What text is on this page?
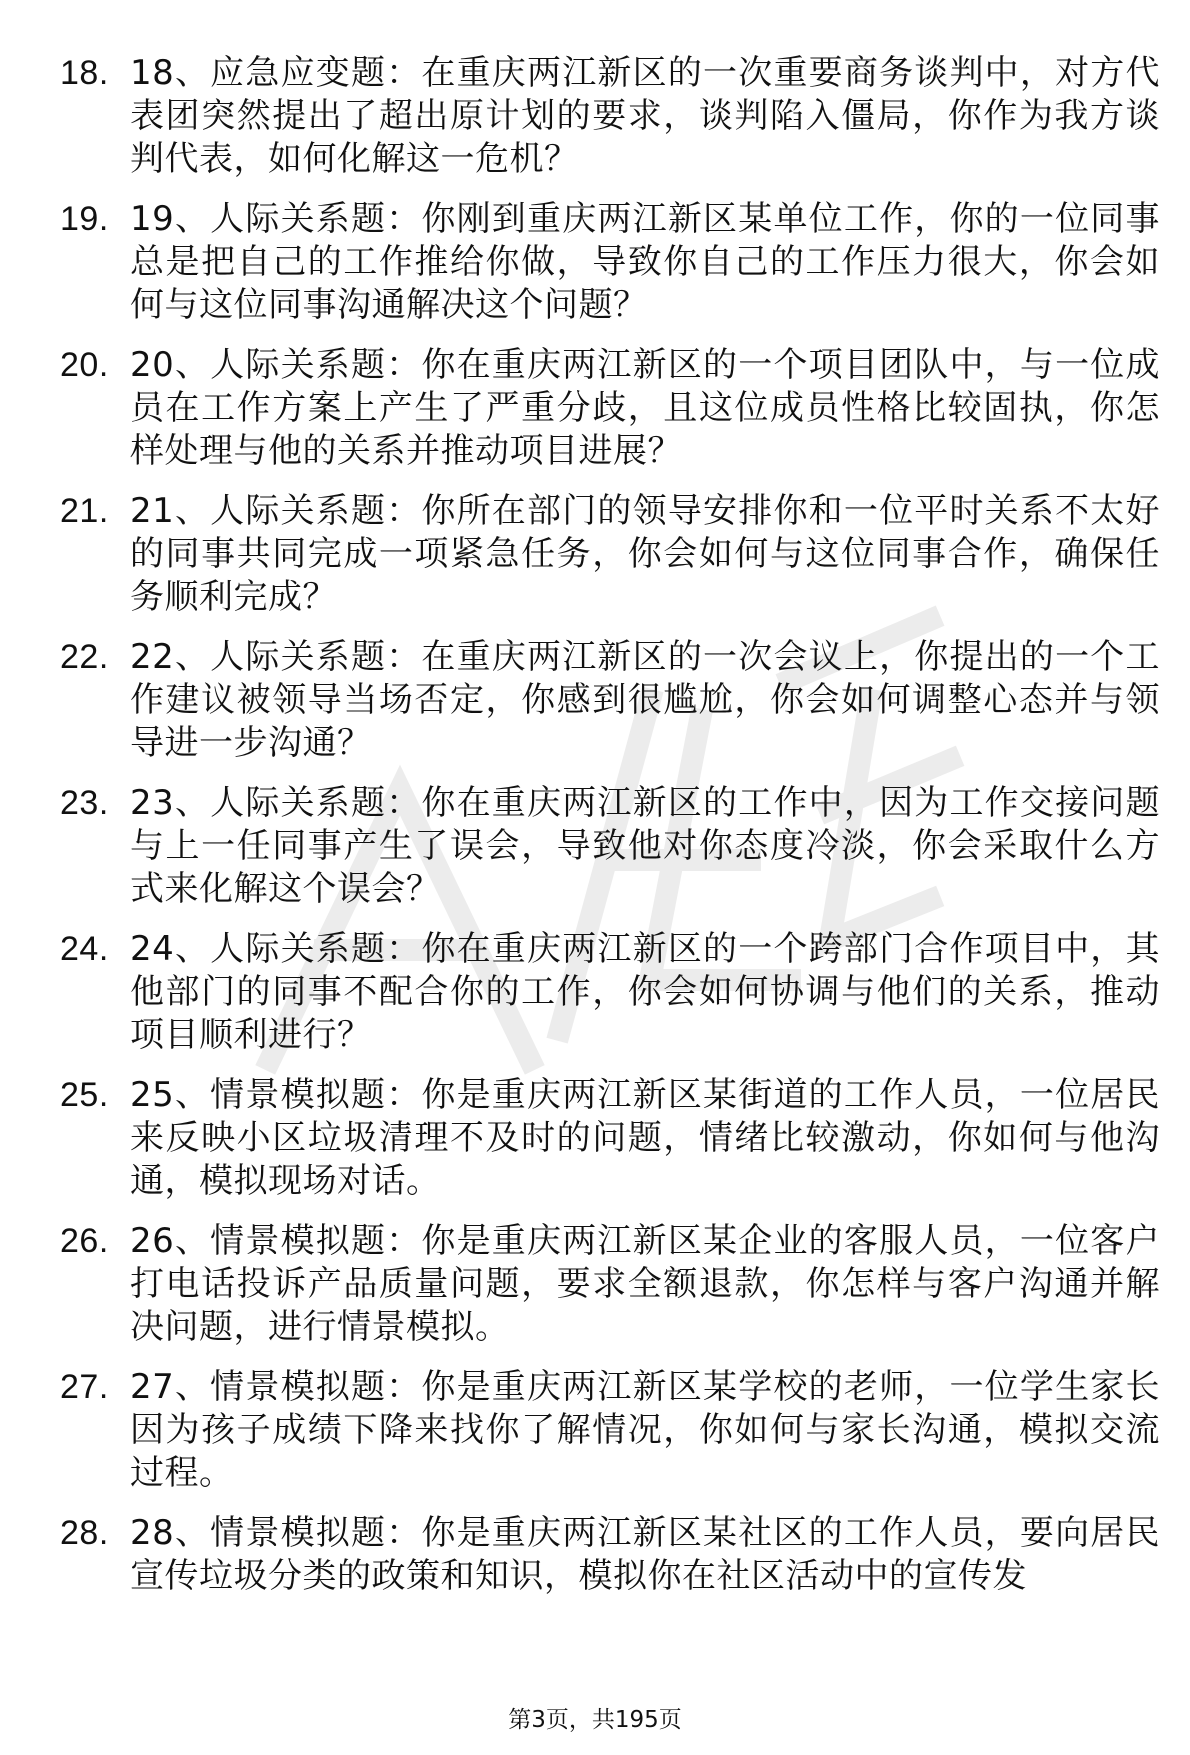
18. 18、应急应变题：在重庆两江新区的一次重要商务谈判中，对方代表团突然提出了超出原计划的要求，谈判陷入僵局，你作为我方谈判代表，如何化解这一危机？
19. 19、人际关系题：你刚到重庆两江新区某单位工作，你的一位同事总是把自己的工作推给你做，导致你自己的工作压力很大，你会如何与这位同事沟通解决这个问题？
20. 20、人际关系题：你在重庆两江新区的一个项目团队中，与一位成员在工作方案上产生了严重分歧，且这位成员性格比较固执，你怎样处理与他的关系并推动项目进展？
21. 21、人际关系题：你所在部门的领导安排你和一位平时关系不太好的同事共同完成一项紧急任务，你会如何与这位同事合作，确保任务顺利完成？
22. 22、人际关系题：在重庆两江新区的一次会议上，你提出的一个工作建议被领导当场否定，你感到很尴尬，你会如何调整心态并与领导进一步沟通？
23. 23、人际关系题：你在重庆两江新区的工作中，因为工作交接问题与上一任同事产生了误会，导致他对你态度冷淡，你会采取什么方式来化解这个误会？
24. 24、人际关系题：你在重庆两江新区的一个跨部门合作项目中，其他部门的同事不配合你的工作，你会如何协调与他们的关系，推动项目顺利进行？
25. 25、情景模拟题：你是重庆两江新区某街道的工作人员，一位居民来反映小区垃圾清理不及时的问题，情绪比较激动，你如何与他沟通，模拟现场对话。
26. 26、情景模拟题：你是重庆两江新区某企业的客服人员，一位客户打电话投诉产品质量问题，要求全额退款，你怎样与客户沟通并解决问题，进行情景模拟。
27. 27、情景模拟题：你是重庆两江新区某学校的老师，一位学生家长因为孩子成绩下降来找你了解情况，你如何与家长沟通，模拟交流过程。
28. 28、情景模拟题：你是重庆两江新区某社区的工作人员，要向居民宣传垃圾分类的政策和知识，模拟你在社区活动中的宣传发
第3页，共195页
